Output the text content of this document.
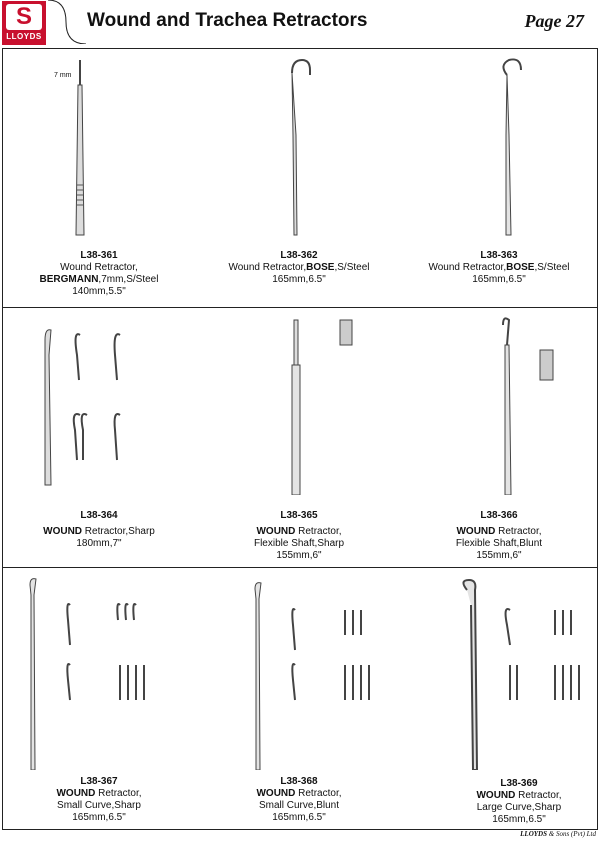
S
LLOYDS
Wound and Trachea Retractors	Page 27
7 mm
L38-361
Wound Retractor,
BERGMANN,7mm,S/Steel
140mm,5.5"
L38-362
Wound Retractor,BOSE,S/Steel
165mm,6.5"
L38-363
Wound Retractor,BOSE,S/Steel
165mm,6.5"
L38-364
WOUND Retractor,Sharp
180mm,7"
L38-365
WOUND Retractor,
Flexible Shaft,Sharp
155mm,6"
L38-366
WOUND Retractor,
Flexible Shaft,Blunt
155mm,6"
L38-367
WOUND Retractor,
Small Curve,Sharp
165mm,6.5"
L38-368
WOUND Retractor,
Small Curve,Blunt
165mm,6.5"
L38-369
WOUND Retractor,
Large Curve,Sharp
165mm,6.5"
LLOYDS & Sons (Pvt) Ltd
